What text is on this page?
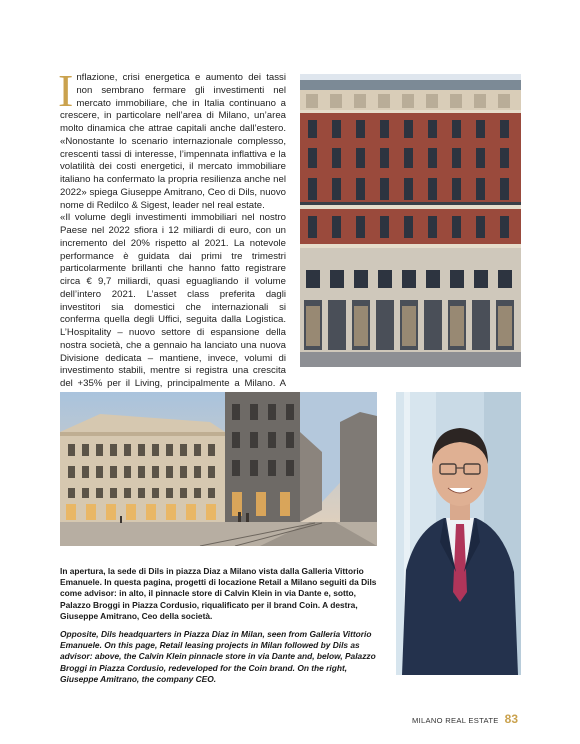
I nflazione, crisi energetica e aumento dei tassi non sembrano fermare gli investimenti nel mercato immobiliare, che in Italia continuano a crescere, in particolare nell’area di Milano, un’area molto dinamica che attrae capitali anche dall’estero. «Nonostante lo scenario internazionale complesso, crescenti tassi di interesse, l’impennata inflattiva e la volatilità dei costi energetici, il mercato immobiliare italiano ha confermato la propria resilienza anche nel 2022» spiega Giuseppe Amitrano, Ceo di Dils, nuovo nome di Redilco & Sigest, leader nel real estate.

«Il volume degli investimenti immobiliari nel nostro Paese nel 2022 sfiora i 12 miliardi di euro, con un incremento del 20% rispetto al 2021. La notevole performance è guidata dai primi tre trimestri particolarmente brillanti che hanno fatto registrare circa € 9,7 miliardi, quasi eguagliando il volume dell’intero 2021. L’asset class preferita dagli investitori sia domestici che internazionali si conferma quella degli Uffici, seguita dalla Logistica. L’Hospitality – nuovo settore di espansione della nostra società, che a gennaio ha lanciato una nuova Divisione dedicata – mantiene, invece, volumi di investimento stabili, mentre si registra una crescita del +35% per il Living, principalmente a Milano. A

In apertura, la sede di Dils in piazza Diaz a Milano vista dalla Galleria Vittorio Emanuele. In questa pagina, progetti di locazione Retail a Milano seguiti da Dils come advisor: in alto, il pinnacle store di Calvin Klein in via Dante e, sotto, Palazzo Broggi in Piazza Cordusio, riqualificato per il brand Coin. A destra, Giuseppe Amitrano, Ceo della società.
Opposite, Dils headquarters in Piazza Diaz in Milan, seen from Galleria Vittorio Emanuele. On this page, Retail leasing projects in Milan followed by Dils as advisor: above, the Calvin Klein pinnacle store in via Dante and, below, Palazzo Broggi in Piazza Cordusio, redeveloped for the Coin brand. On the right, Giuseppe Amitrano, the company CEO.
MILANO REAL ESTATE 83
